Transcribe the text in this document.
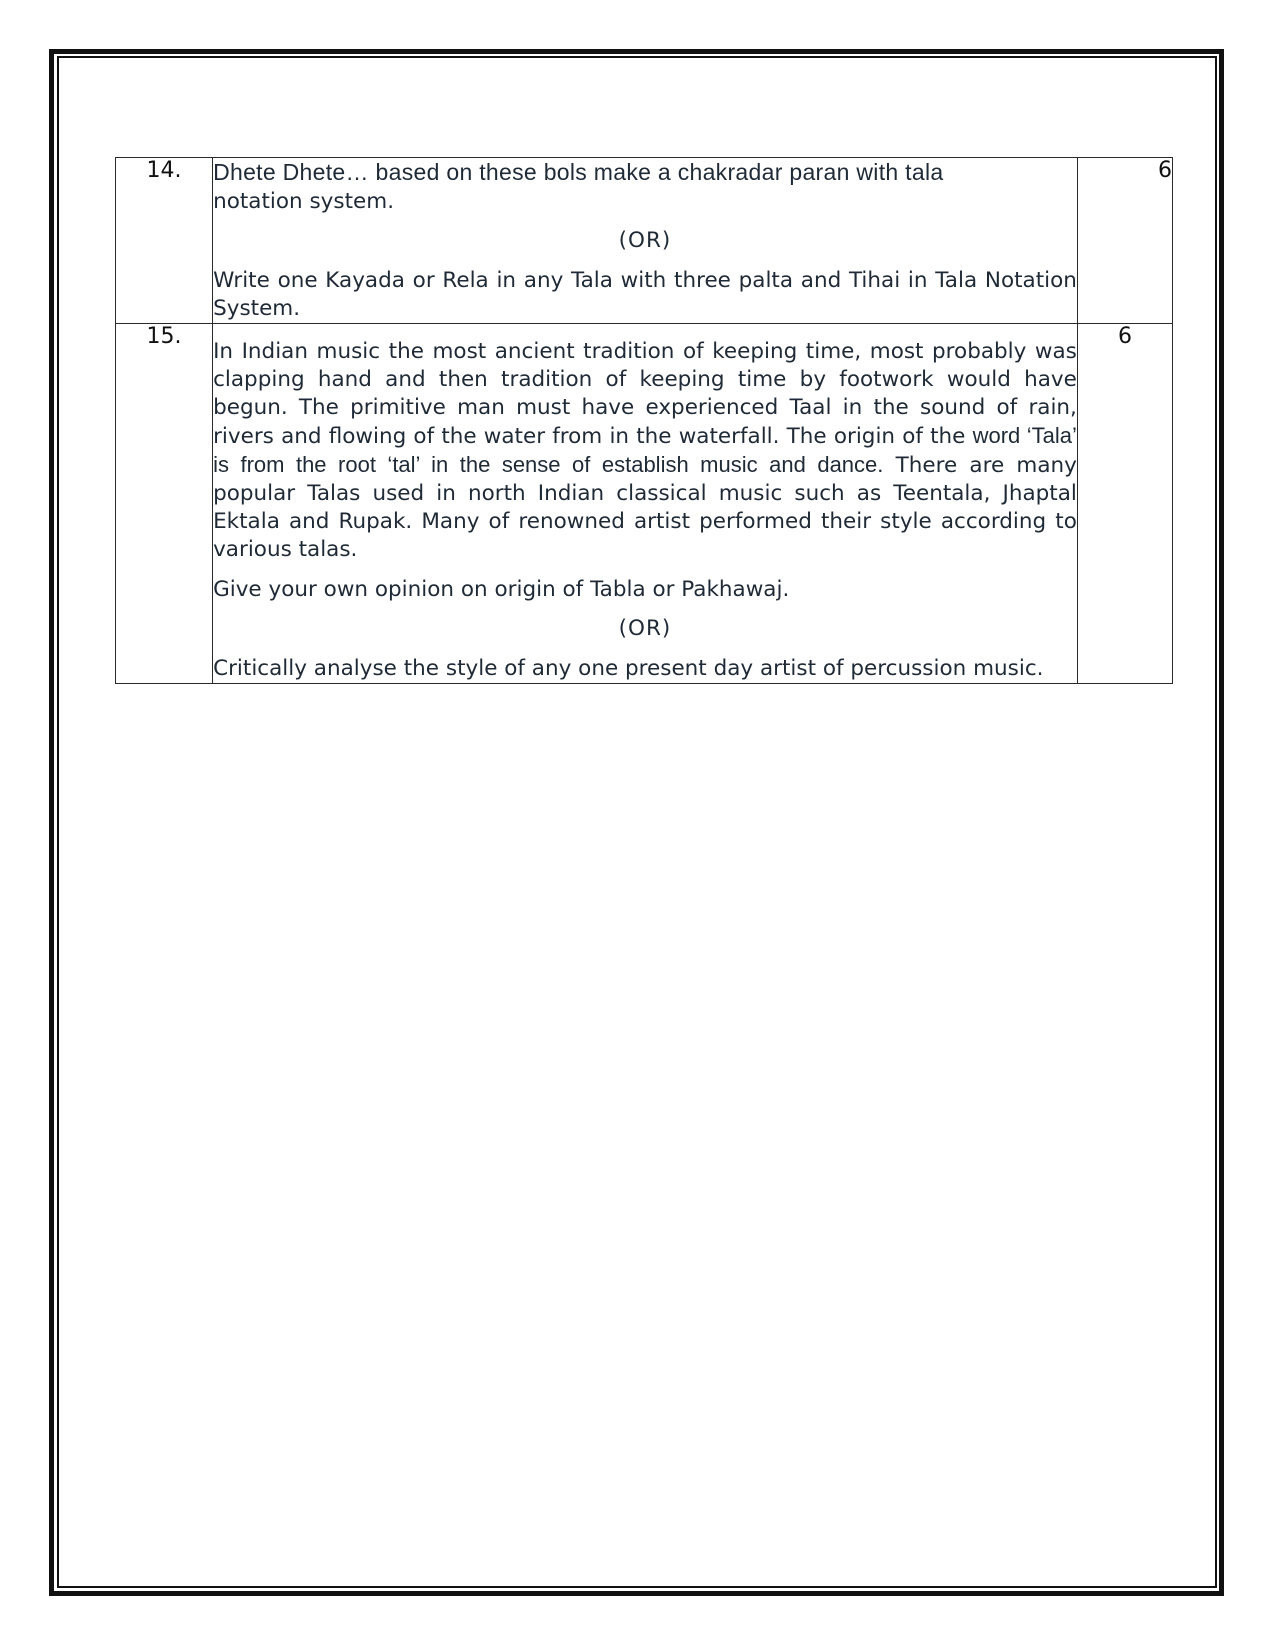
14.	Dhete Dhete… based on these bols make a chakradar paran with tala
notation system.

(OR)

Write one Kayada or Rela in any Tala with three palta and Tihai in Tala Notation System.	6
15.	In Indian music the most ancient tradition of keeping time, most probably was clapping hand and then tradition of keeping time by footwork would have begun. The primitive man must have experienced Taal in the sound of rain, rivers and flowing of the water from in the waterfall. The origin of the word ‘Tala’ is from the root ‘tal’ in the sense of establish music and dance. There are many popular Talas used in north Indian classical music such as Teentala, Jhaptal Ektala and Rupak. Many of renowned artist performed their style according to various talas.

Give your own opinion on origin of Tabla or Pakhawaj.

(OR)

Critically analyse the style of any one present day artist of percussion music.	6
